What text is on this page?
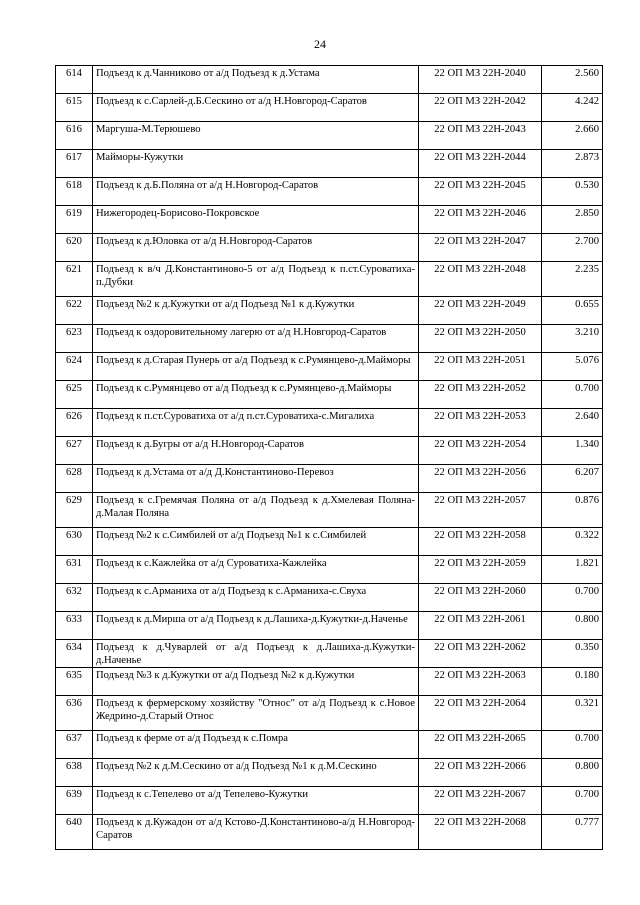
24
614	Подъезд к д.Чанниково от а/д Подъезд к д.Устама	22 ОП МЗ 22Н-2040	2.560
615	Подъезд к с.Сарлей-д.Б.Сескино от а/д Н.Новгород-Саратов	22 ОП МЗ 22Н-2042	4.242
616	Маргуша-М.Терюшево	22 ОП МЗ 22Н-2043	2.660
617	Майморы-Кужутки	22 ОП МЗ 22Н-2044	2.873
618	Подъезд к д.Б.Поляна от а/д Н.Новгород-Саратов	22 ОП МЗ 22Н-2045	0.530
619	Нижегородец-Борисово-Покровское	22 ОП МЗ 22Н-2046	2.850
620	Подъезд к д.Юловка от а/д Н.Новгород-Саратов	22 ОП МЗ 22Н-2047	2.700
621	Подъезд к в/ч Д.Константиново-5 от а/д Подъезд к п.ст.Суроватиха-п.Дубки	22 ОП МЗ 22Н-2048	2.235
622	Подъезд №2 к д.Кужутки от а/д Подъезд №1 к д.Кужутки	22 ОП МЗ 22Н-2049	0.655
623	Подъезд к оздоровительному лагерю от а/д Н.Новгород-Саратов	22 ОП МЗ 22Н-2050	3.210
624	Подъезд к д.Старая Пунерь от а/д Подъезд к с.Румянцево-д.Майморы	22 ОП МЗ 22Н-2051	5.076
625	Подъезд к с.Румянцево от а/д Подъезд к с.Румянцево-д.Майморы	22 ОП МЗ 22Н-2052	0.700
626	Подъезд к п.ст.Суроватиха от а/д п.ст.Суроватиха-с.Мигалиха	22 ОП МЗ 22Н-2053	2.640
627	Подъезд к д.Бугры от а/д Н.Новгород-Саратов	22 ОП МЗ 22Н-2054	1.340
628	Подъезд к д.Устама от а/д Д.Константиново-Перевоз	22 ОП МЗ 22Н-2056	6.207
629	Подъезд к с.Гремячая Поляна от а/д Подъезд к д.Хмелевая Поляна-д.Малая Поляна	22 ОП МЗ 22Н-2057	0.876
630	Подъезд №2 к с.Симбилей от а/д Подъезд №1 к с.Симбилей	22 ОП МЗ 22Н-2058	0.322
631	Подъезд к с.Кажлейка от а/д Суроватиха-Кажлейка	22 ОП МЗ 22Н-2059	1.821
632	Подъезд к с.Арманиха от а/д Подъезд к с.Арманиха-с.Свуха	22 ОП МЗ 22Н-2060	0.700
633	Подъезд к д.Мирша от а/д Подъезд к д.Лашиха-д.Кужутки-д.Наченье	22 ОП МЗ 22Н-2061	0.800
634	Подъезд к д.Чуварлей от а/д Подъезд к д.Лашиха-д.Кужутки-д.Наченье	22 ОП МЗ 22Н-2062	0.350
635	Подъезд №3 к д.Кужутки от а/д Подъезд №2 к д.Кужутки	22 ОП МЗ 22Н-2063	0.180
636	Подъезд к фермерскому хозяйству "Относ" от а/д Подъезд к с.Новое Жедрино-д.Старый Относ	22 ОП МЗ 22Н-2064	0.321
637	Подъезд к ферме от а/д Подъезд к с.Помра	22 ОП МЗ 22Н-2065	0.700
638	Подъезд №2 к д.М.Сескино от а/д Подъезд №1 к д.М.Сескино	22 ОП МЗ 22Н-2066	0.800
639	Подъезд к с.Тепелево от а/д Тепелево-Кужутки	22 ОП МЗ 22Н-2067	0.700
640	Подъезд к д.Кужадон от а/д Кстово-Д.Константиново-а/д Н.Новгород-Саратов	22 ОП МЗ 22Н-2068	0.777
